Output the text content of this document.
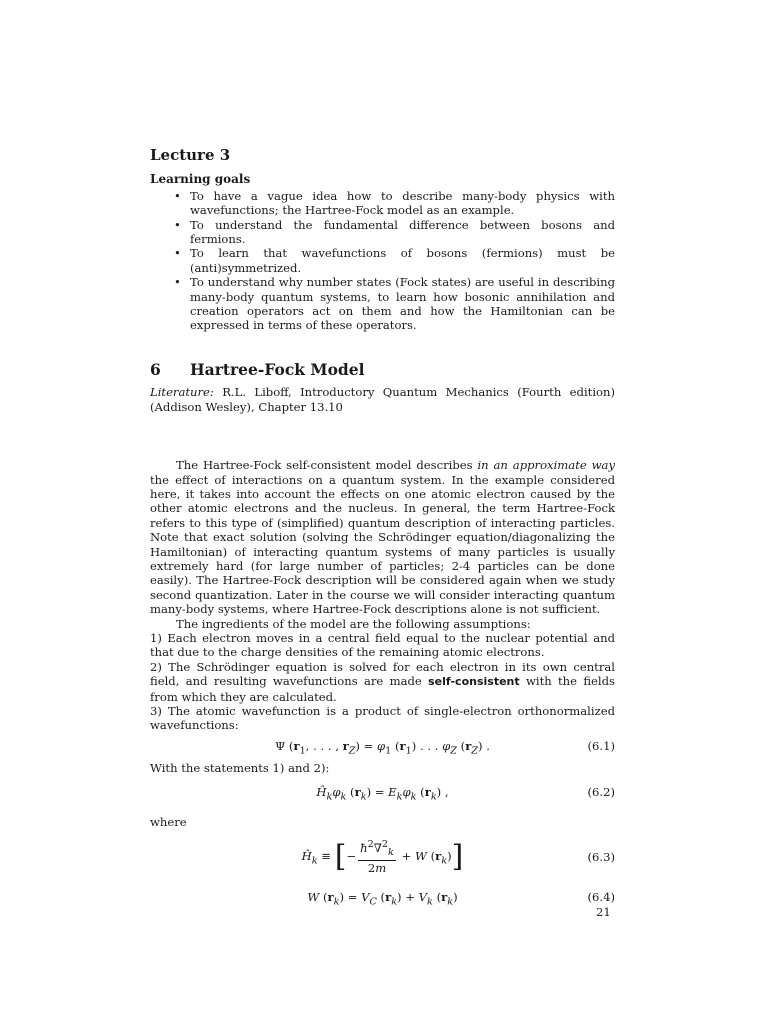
Lecture 3
Learning goals
• To have a vague idea how to describe many-body physics with wavefunctions; the Hartree-Fock model as an example.
• To understand the fundamental difference between bosons and fermions.
• To learn that wavefunctions of bosons (fermions) must be (anti)symmetrized.
• To understand why number states (Fock states) are useful in describing many-body quantum systems, to learn how bosonic annihilation and creation operators act on them and how the Hamiltonian can be expressed in terms of these operators.
6	Hartree-Fock Model

Literature: R.L. Liboff, Introductory Quantum Mechanics (Fourth edition) (Addison Wesley), Chapter 13.10

The Hartree-Fock self-consistent model describes in an approximate way the effect of interactions on a quantum system. In the example considered here, it takes into account the effects on one atomic electron caused by the other atomic electrons and the nucleus. In general, the term Hartree-Fock refers to this type of (simplified) quantum description of interacting particles. Note that exact solution (solving the Schrödinger equation/diagonalizing the Hamiltonian) of interacting quantum systems of many particles is usually extremely hard (for large number of particles; 2-4 particles can be done easily). The Hartree-Fock description will be considered again when we study second quantization. Later in the course we will consider interacting quantum many-body systems, where Hartree-Fock descriptions alone is not sufficient.

The ingredients of the model are the following assumptions:

1) Each electron moves in a central field equal to the nuclear potential and that due to the charge densities of the remaining atomic electrons.

2) The Schrödinger equation is solved for each electron in its own central field, and resulting wavefunctions are made self-consistent with the fields from which they are calculated.

3) The atomic wavefunction is a product of single-electron orthonormalized wavefunctions:

Ψ ($r_1$, . . . , $r_Z) = \varphi_1$ $(r_1)$ . . . $\varphi_Z$ $(r_Z)$ .	(6.1)

With the statements 1) and 2):

$Ĥ_k\varphi_k$ $(r_k) = E_k\varphi_k$ $(r_k)$ ,	(6.2)

where

$Ĥ_k$ ≡ [− $\frac{ħ^2\nabla^2_k}{2m} + W$ $(r_k)$]	(6.3)
W $(r_k) = V_C$ $(r_k) + V_k$ $(r_k)$	(6.4)
21
